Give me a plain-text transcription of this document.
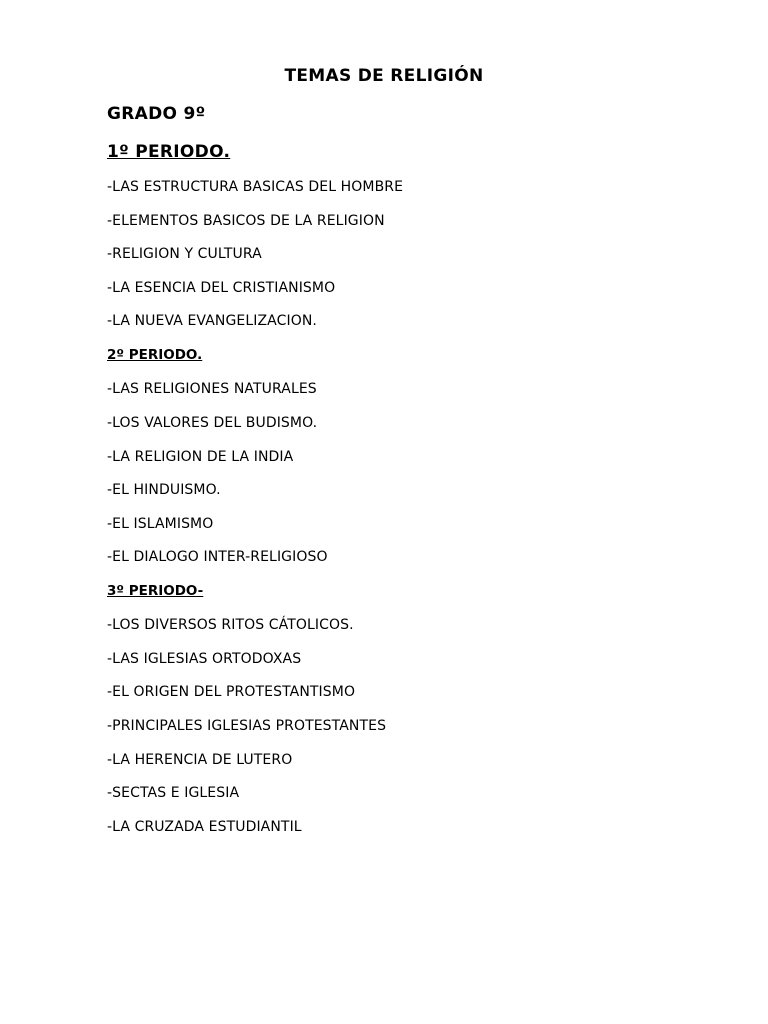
TEMAS DE RELIGIÓN
GRADO 9º
1º PERIODO.
-LAS ESTRUCTURA BASICAS DEL HOMBRE
-ELEMENTOS BASICOS DE LA RELIGION
-RELIGION Y CULTURA
-LA ESENCIA DEL CRISTIANISMO
-LA NUEVA EVANGELIZACION.
2º PERIODO.
-LAS RELIGIONES NATURALES
-LOS VALORES DEL BUDISMO.
-LA RELIGION DE LA INDIA
-EL HINDUISMO.
-EL ISLAMISMO
-EL DIALOGO INTER-RELIGIOSO
3º PERIODO-
-LOS DIVERSOS RITOS CÁTOLICOS.
-LAS IGLESIAS ORTODOXAS
-EL ORIGEN DEL PROTESTANTISMO
-PRINCIPALES IGLESIAS PROTESTANTES
-LA HERENCIA DE LUTERO
-SECTAS E IGLESIA
-LA CRUZADA ESTUDIANTIL
